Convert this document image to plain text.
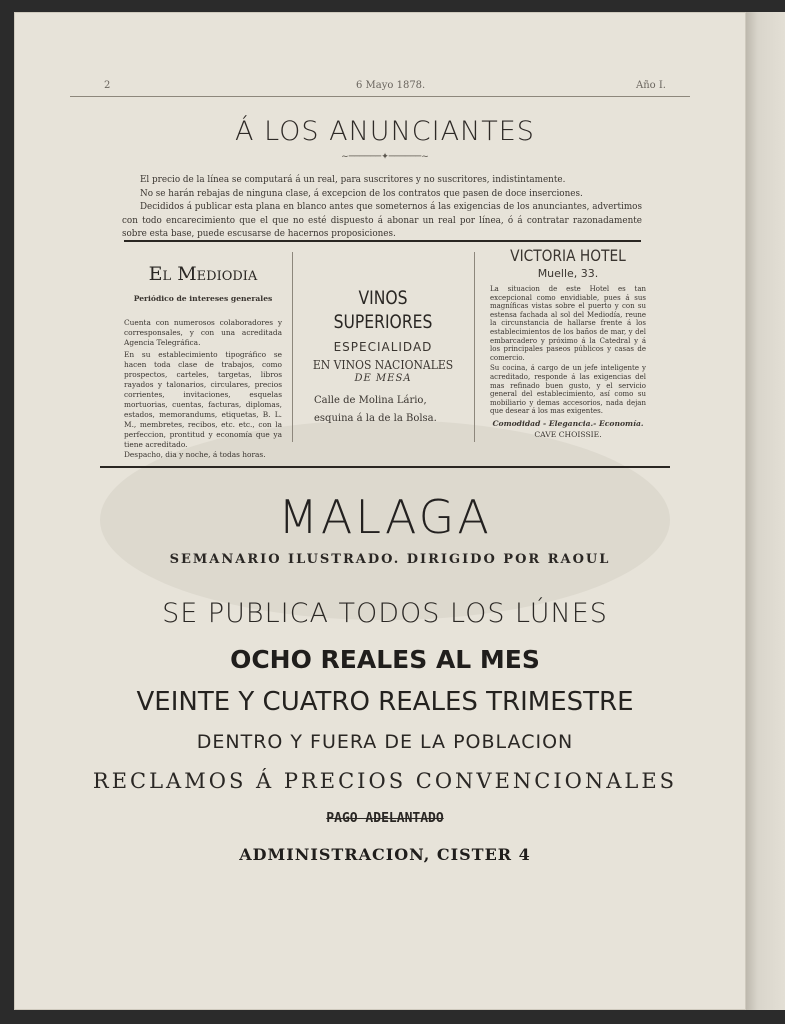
2	6 Mayo 1878.	Año I.
Á LOS ANUNCIANTES
~──────✦──────~

El precio de la línea se computará á un real, para suscritores y no suscritores, indistintamente.

No se harán rebajas de ninguna clase, á excepcion de los contratos que pasen de doce inserciones.

Decididos á publicar esta plana en blanco antes que someternos á las exigencias de los anunciantes, advertimos con todo encarecimiento que el que no esté dispuesto á abonar un real por línea, ó á contratar razonadamente sobre esta base, puede escusarse de hacernos proposiciones.

El Mediodia
Periódico de intereses generales
Cuenta con numerosos colaboradores y corresponsales, y con una acreditada Agencia Telegráfica.
En su establecimiento tipográfico se hacen toda clase de trabajos, como prospectos, carteles, targetas, libros rayados y talonarios, circulares, precios corrientes, invitaciones, esquelas mortuorias, cuentas, facturas, diplomas, estados, memorandums, etiquetas, B. L. M., membretes, recibos, etc. etc., con la perfeccion, prontitud y economía que ya tiene acreditado.
Despacho, dia y noche, á todas horas.
VINOS SUPERIORES
ESPECIALIDAD
EN VINOS NACIONALES
DE MESA
Calle de Molina Lário, esquina á la de la Bolsa.
VICTORIA HOTEL
Muelle, 33.
La situacion de este Hotel es tan excepcional como envidiable, pues á sus magníficas vistas sobre el puerto y con su estensa fachada al sol del Mediodía, reune la circunstancia de hallarse frente á los establecimientos de los baños de mar, y del embarcadero y próximo á la Catedral y á los principales paseos públicos y casas de comercio.
Su cocina, á cargo de un jefe inteligente y acreditado, responde á las exigencias del mas refinado buen gusto, y el servicio general del establecimiento, así como su mobiliario y demas accesorios, nada dejan que desear á los mas exigentes.
Comodidad - Elegancia.- Economía.
CAVE CHOISSIE.
MALAGA
SEMANARIO ILUSTRADO. DIRIGIDO POR RAOUL
SE PUBLICA TODOS LOS LÚNES
OCHO REALES AL MES
VEINTE Y CUATRO REALES TRIMESTRE
DENTRO Y FUERA DE LA POBLACION
RECLAMOS Á PRECIOS CONVENCIONALES
PAGO ADELANTADO
ADMINISTRACION, CISTER 4
